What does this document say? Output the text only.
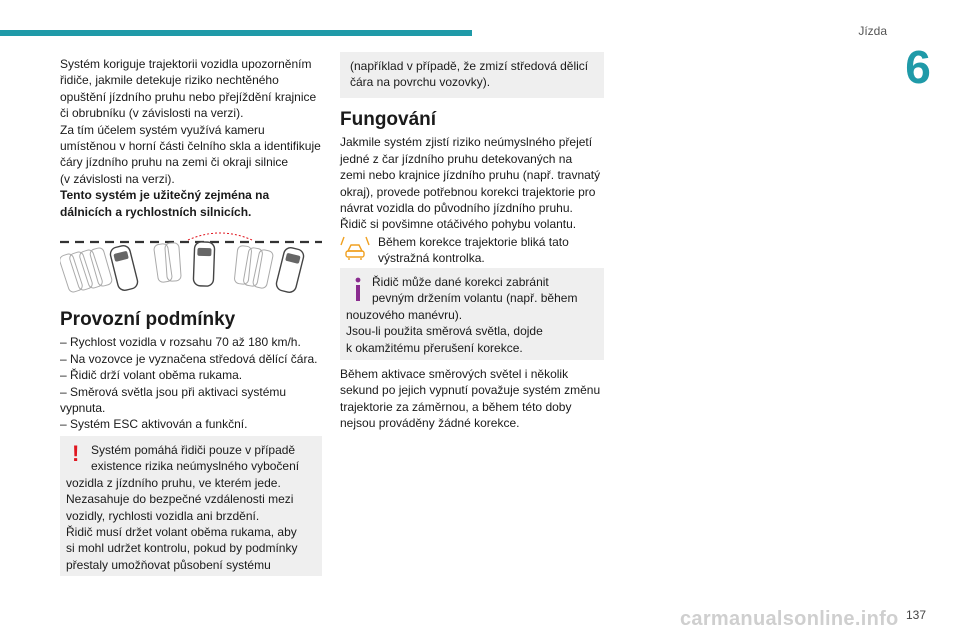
Jízda
6

Systém koriguje trajektorii vozidla upozorněním

řidiče, jakmile detekuje riziko nechtěného

opuštění jízdního pruhu nebo přejíždění krajnice

či obrubníku (v závislosti na verzi).

Za tím účelem systém využívá kameru

umístěnou v horní části čelního skla a identifikuje

čáry jízdního pruhu na zemi či okraji silnice

(v závislosti na verzi).

Tento systém je užitečný zejména na

dálnicích a rychlostních silnicích.

Provozní podmínky

– Rychlost vozidla v rozsahu 70 až 180 km/h.

– Na vozovce je vyznačena středová dělící čára.

– Řidič drží volant oběma rukama.

– Směrová světla jsou při aktivaci systému

vypnuta.

– Systém ESC aktivován a funkční.

! Systém pomáhá řidiči pouze v případě

existence rizika neúmyslného vybočení

vozidla z jízdního pruhu, ve kterém jede.

Nezasahuje do bezpečné vzdálenosti mezi

vozidly, rychlosti vozidla ani brzdění.

Řidič musí držet volant oběma rukama, aby

si mohl udržet kontrolu, pokud by podmínky

přestaly umožňovat působení systému

(například v případě, že zmizí středová dělicí

čára na povrchu vozovky).

Fungování

Jakmile systém zjistí riziko neúmyslného přejetí

jedné z čar jízdního pruhu detekovaných na

zemi nebo krajnice jízdního pruhu (např. travnatý

okraj), provede potřebnou korekci trajektorie pro

návrat vozidla do původního jízdního pruhu.

Řidič si povšimne otáčivého pohybu volantu.

Během korekce trajektorie bliká tato

výstražná kontrolka.

Řidič může dané korekci zabránit

pevným držením volantu (např. během

nouzového manévru).

Jsou-li použita směrová světla, dojde

k okamžitému přerušení korekce.

Během aktivace směrových světel i několik

sekund po jejich vypnutí považuje systém změnu

trajektorie za záměrnou, a během této doby

nejsou prováděny žádné korekce.

carmanualsonline.info 137
